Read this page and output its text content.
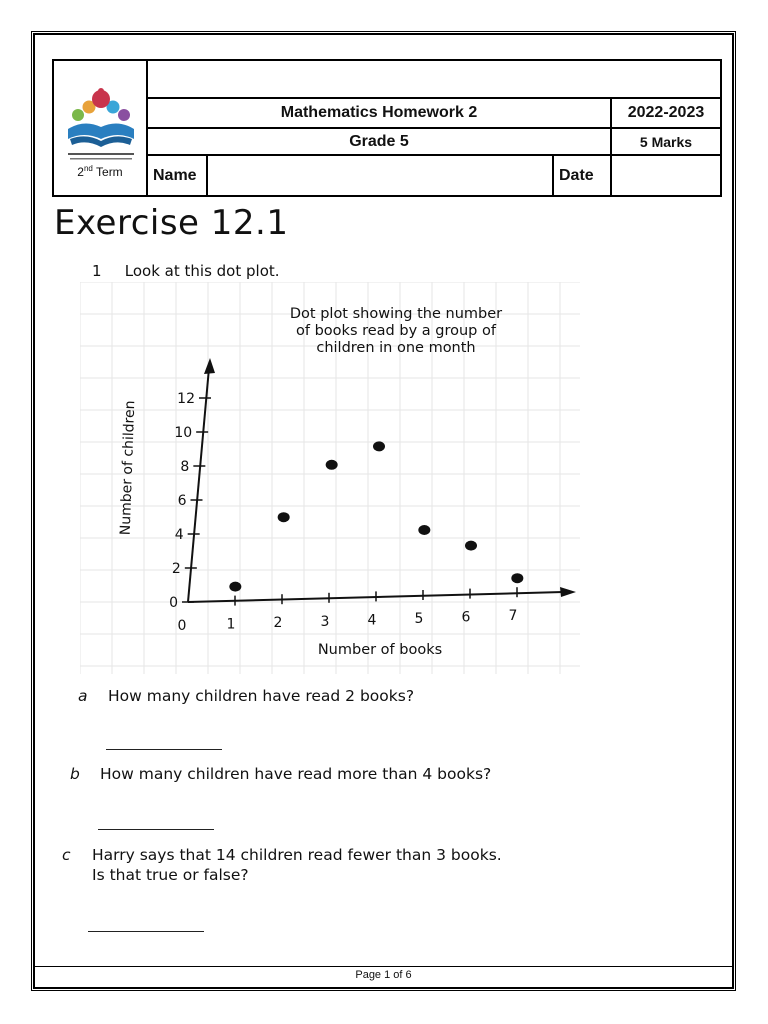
2nd Term				

	Mathematics Homework 2			2022-2023
	Grade 5			5 Marks
	Name		Date	
Exercise 12.1
1 Look at this dot plot.
Dot plot showing the number
of books read by a group of
children in one month
0
2
4
6
8
10
12
0	1	2	3	4	5	6	7
Number of books
Number of children
a How many children have read 2 books?
b How many children have read more than 4 books?
c Harry says that 14 children read fewer than 3 books.
Is that true or false?
Page 1 of 6
